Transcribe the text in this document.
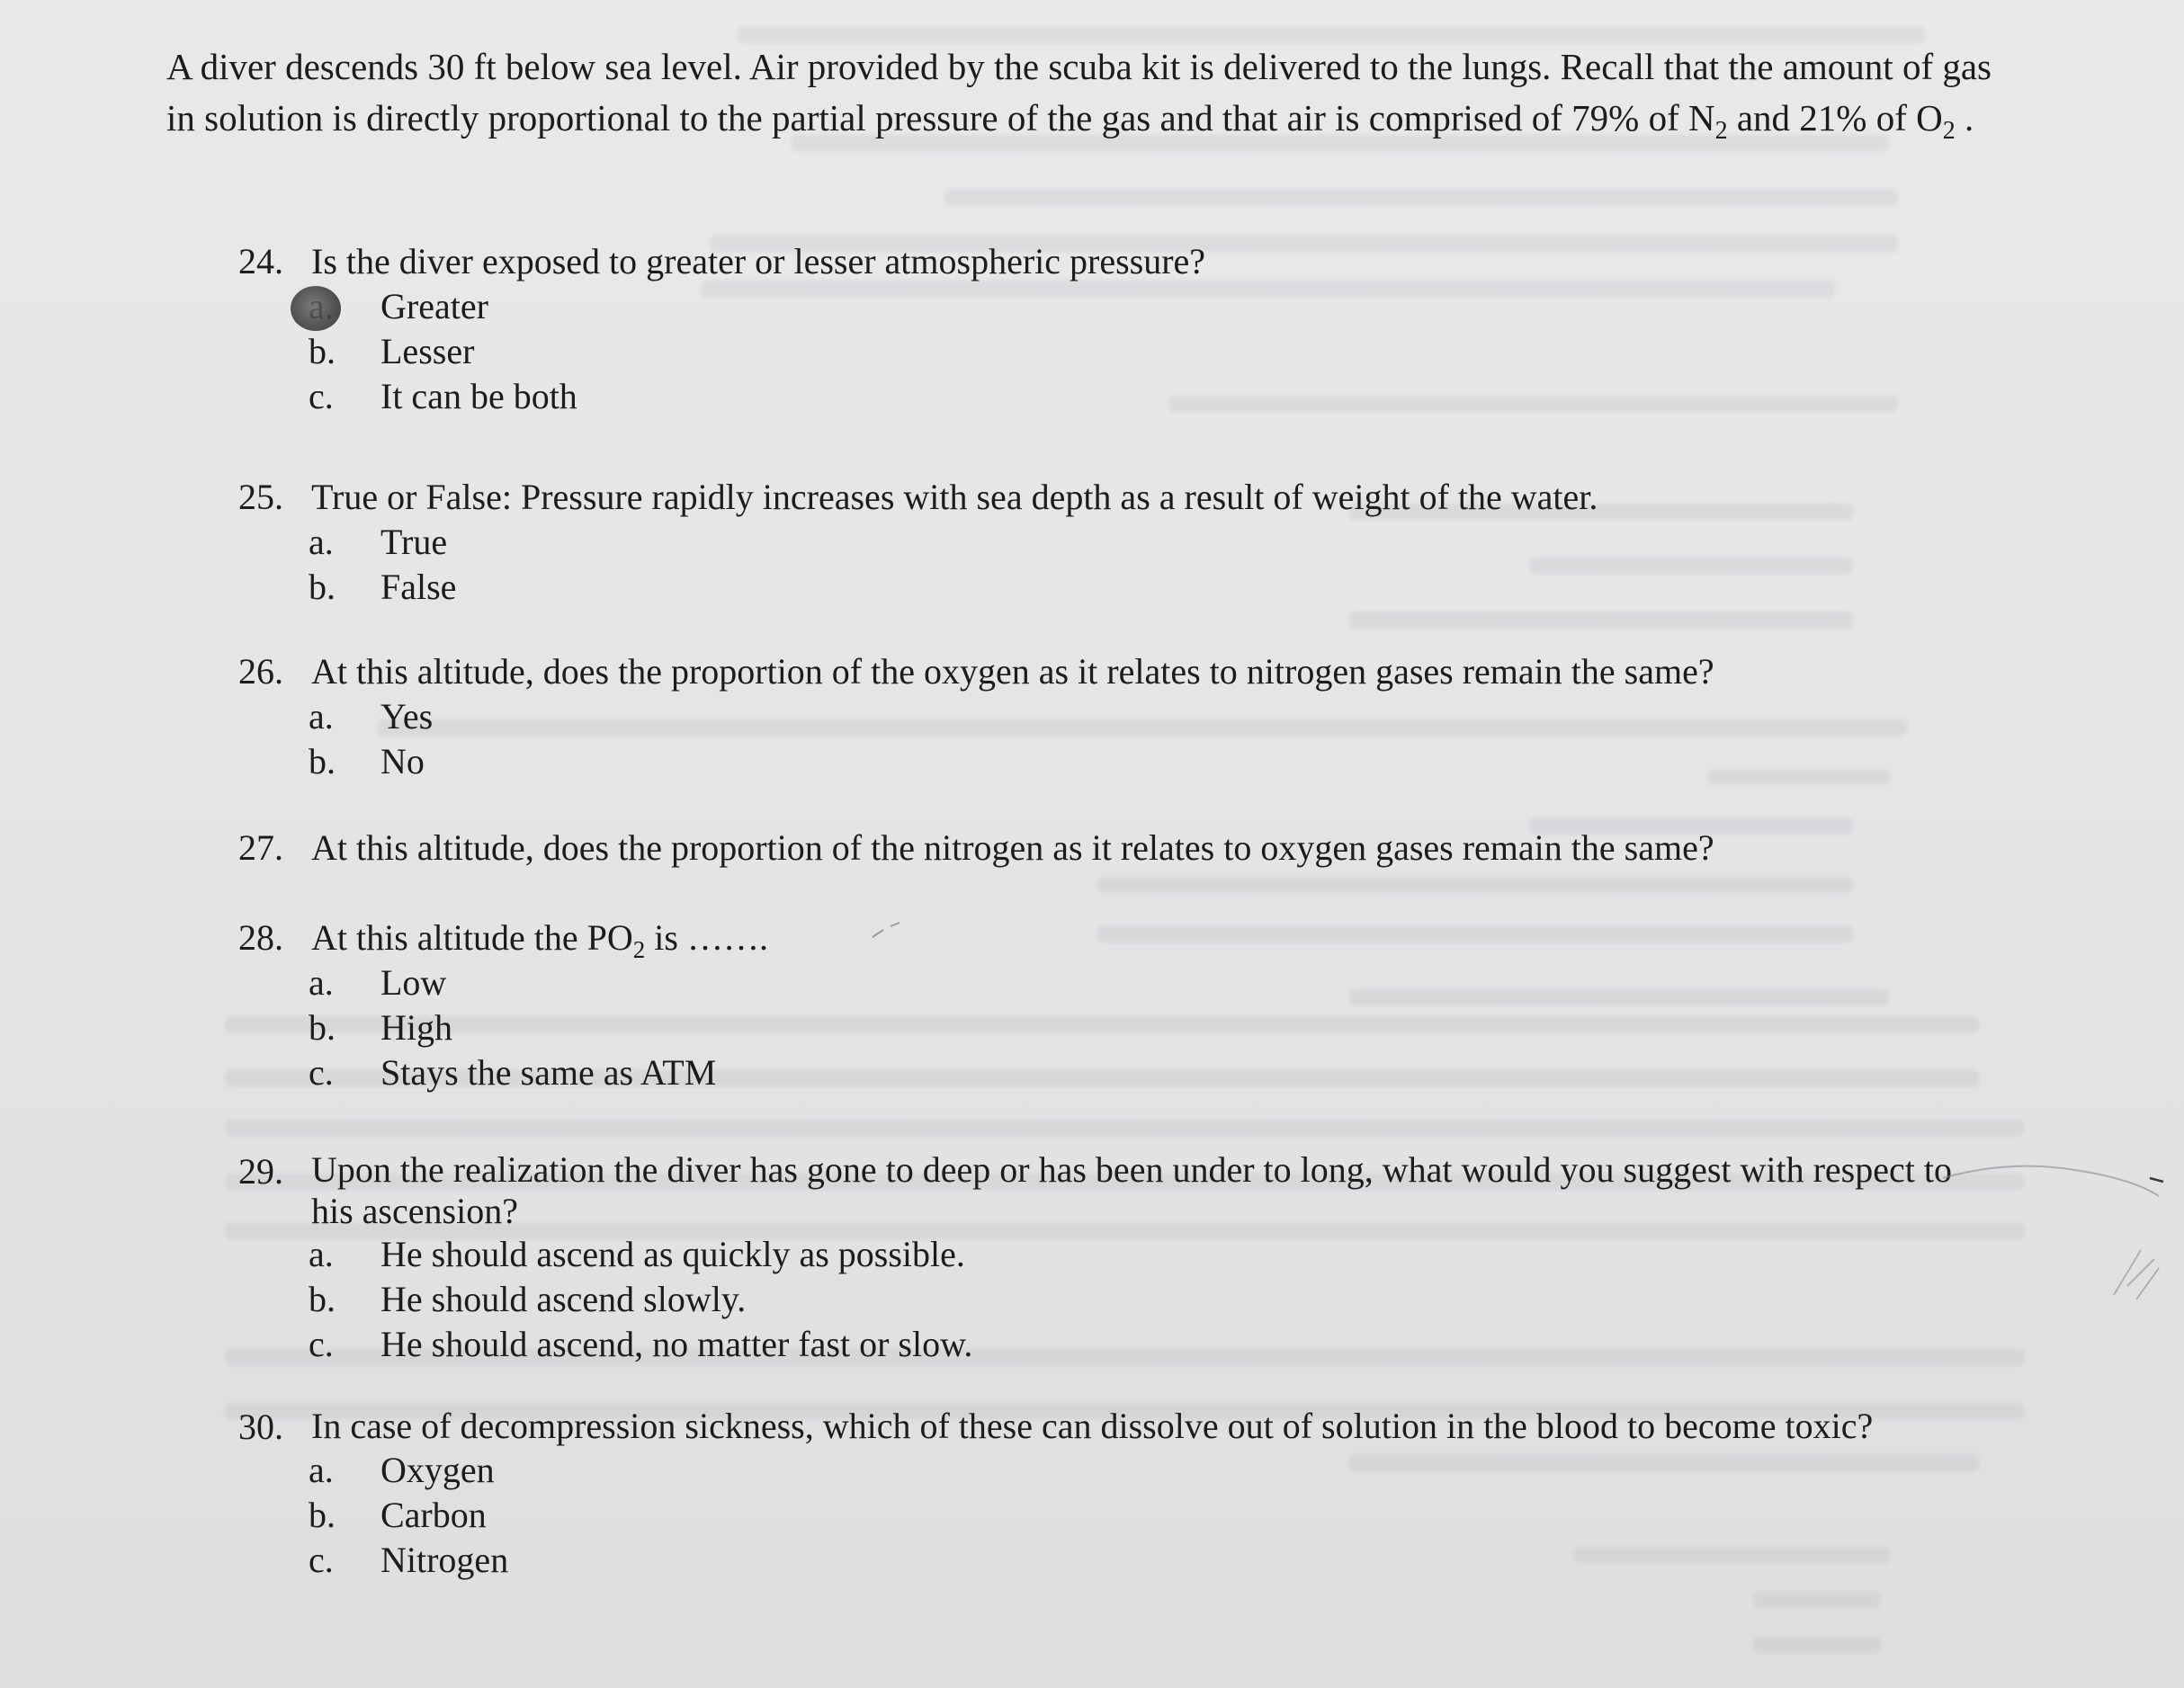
A diver descends 30 ft below sea level. Air provided by the scuba kit is delivered to the lungs. Recall that the amount of gas in solution is directly proportional to the partial pressure of the gas and that air is comprised of 79% of $N_2$ and 21% of $O_2$ .
24. Is the diver exposed to greater or lesser atmospheric pressure?
a. Greater
b. Lesser
c. It can be both
25. True or False: Pressure rapidly increases with sea depth as a result of weight of the water.
a. True
b. False
26. At this altitude, does the proportion of the oxygen as it relates to nitrogen gases remain the same?
a. Yes
b. No
27. At this altitude, does the proportion of the nitrogen as it relates to oxygen gases remain the same?
28. At this altitude the $PO_2$ is …….
a. Low
b. High
c. Stays the same as ATM
29. Upon the realization the diver has gone to deep or has been under to long, what would you suggest with respect to his ascension?
a. He should ascend as quickly as possible.
b. He should ascend slowly.
c. He should ascend, no matter fast or slow.
30. In case of decompression sickness, which of these can dissolve out of solution in the blood to become toxic?
a. Oxygen
b. Carbon
c. Nitrogen
